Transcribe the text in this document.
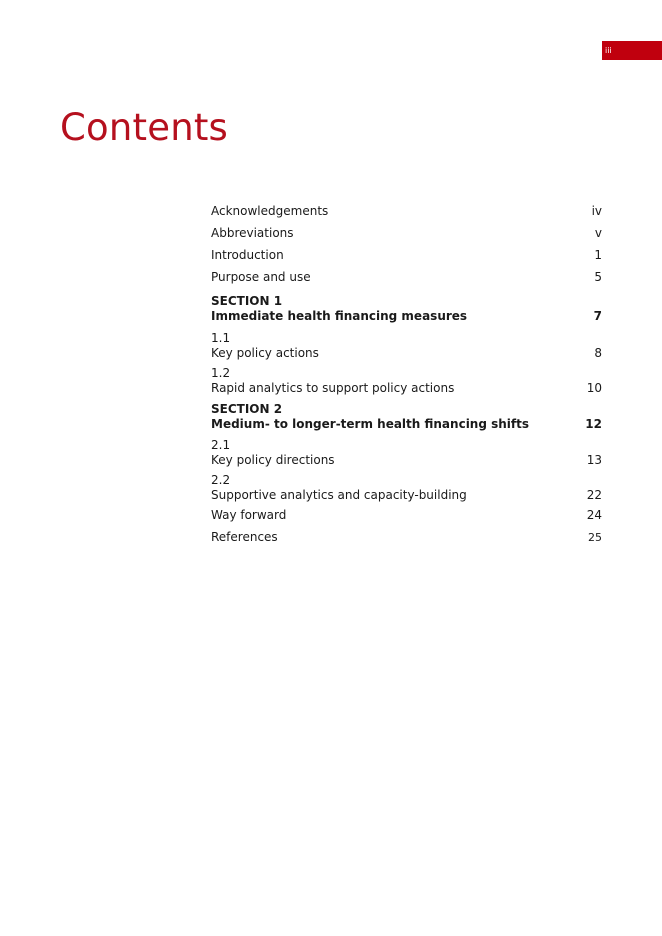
iii
Contents
Acknowledgements	iv
Abbreviations	v
Introduction	1
Purpose and use	5
SECTION 1
Immediate health financing measures	7
1.1
Key policy actions	8
1.2
Rapid analytics to support policy actions	10
SECTION 2
Medium- to longer-term health financing shifts	12
2.1
Key policy directions	13
2.2
Supportive analytics and capacity-building	22
Way forward	24
References	25
